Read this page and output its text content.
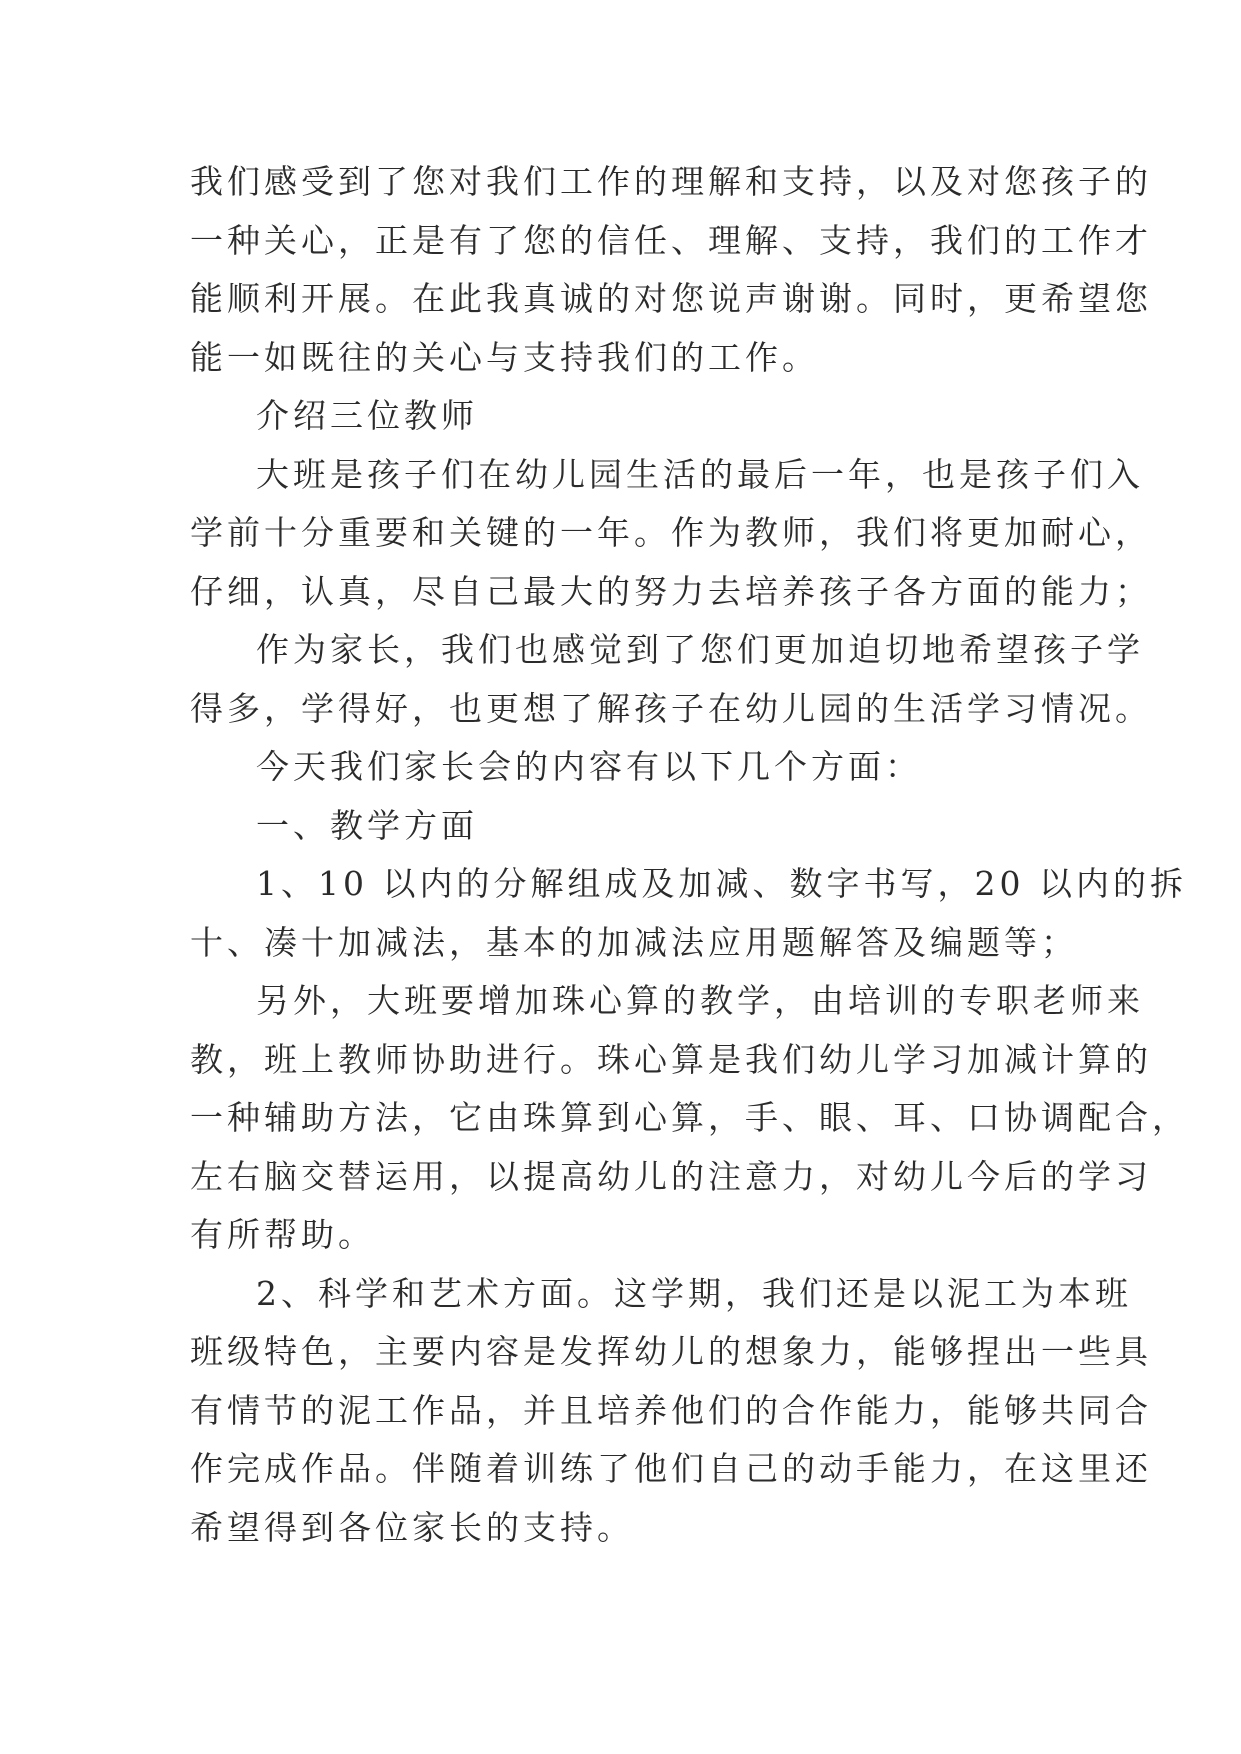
我们感受到了您对我们工作的理解和支持，以及对您孩子的
一种关心，正是有了您的信任、理解、支持，我们的工作才
能顺利开展。在此我真诚的对您说声谢谢。同时，更希望您
能一如既往的关心与支持我们的工作。
介绍三位教师
大班是孩子们在幼儿园生活的最后一年，也是孩子们入
学前十分重要和关键的一年。作为教师，我们将更加耐心，
仔细，认真，尽自己最大的努力去培养孩子各方面的能力；
作为家长，我们也感觉到了您们更加迫切地希望孩子学
得多，学得好，也更想了解孩子在幼儿园的生活学习情况。
今天我们家长会的内容有以下几个方面：
一、教学方面
1、10 以内的分解组成及加减、数字书写，20 以内的拆
十、凑十加减法，基本的加减法应用题解答及编题等；
另外，大班要增加珠心算的教学，由培训的专职老师来
教，班上教师协助进行。珠心算是我们幼儿学习加减计算的
一种辅助方法，它由珠算到心算，手、眼、耳、口协调配合，
左右脑交替运用，以提高幼儿的注意力，对幼儿今后的学习
有所帮助。
2、科学和艺术方面。这学期，我们还是以泥工为本班
班级特色，主要内容是发挥幼儿的想象力，能够捏出一些具
有情节的泥工作品，并且培养他们的合作能力，能够共同合
作完成作品。伴随着训练了他们自己的动手能力，在这里还
希望得到各位家长的支持。
